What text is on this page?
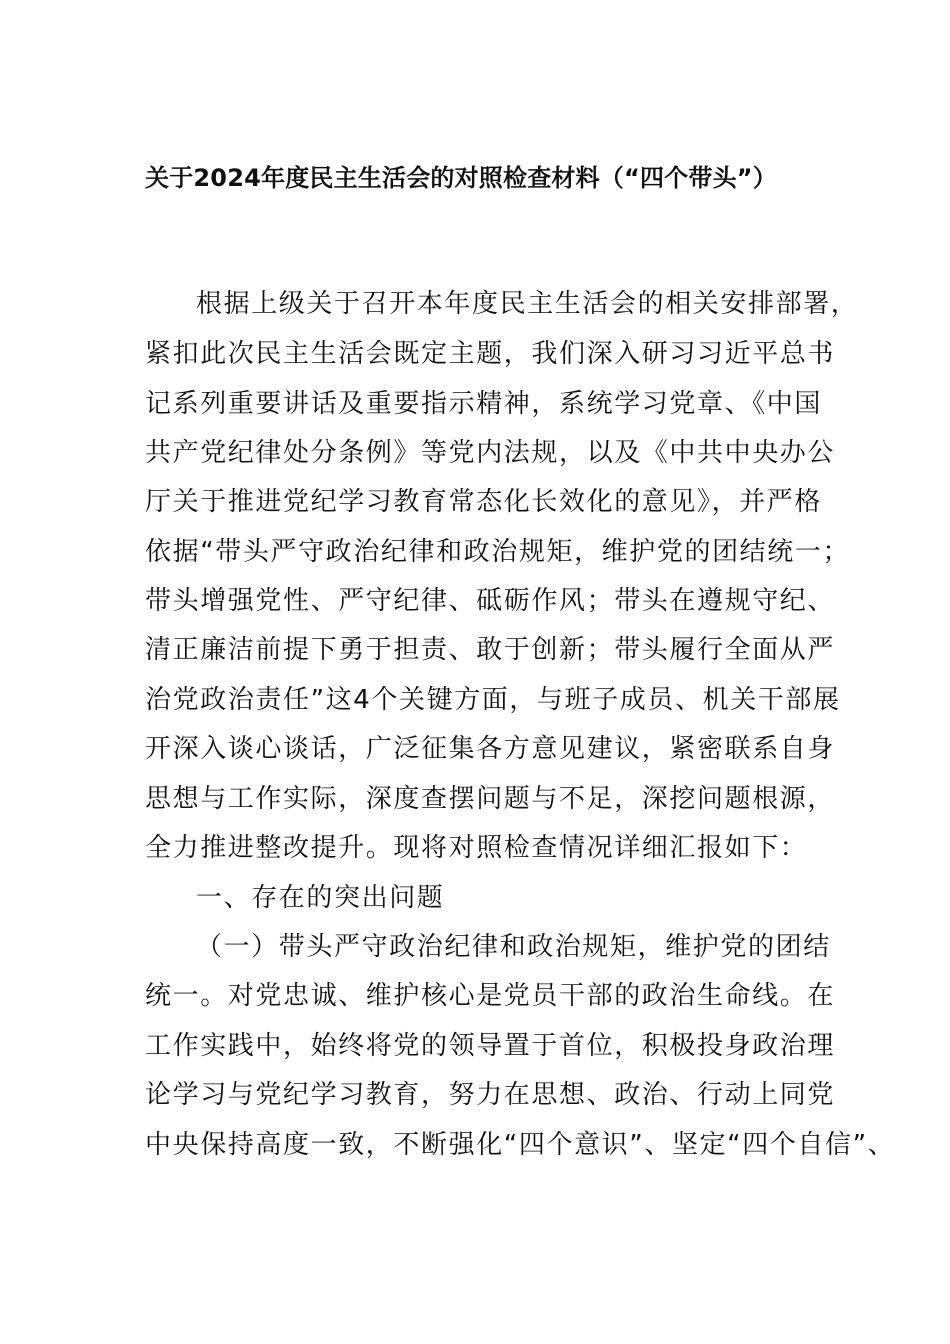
关于2024年度民主生活会的对照检查材料（“四个带头”）
根据上级关于召开本年度民主生活会的相关安排部署，
紧扣此次民主生活会既定主题，我们深入研习习近平总书
记系列重要讲话及重要指示精神，系统学习党章、《中国
共产党纪律处分条例》等党内法规，以及《中共中央办公
厅关于推进党纪学习教育常态化长效化的意见》，并严格
依据“带头严守政治纪律和政治规矩，维护党的团结统一；
带头增强党性、严守纪律、砥砺作风；带头在遵规守纪、
清正廉洁前提下勇于担责、敢于创新；带头履行全面从严
治党政治责任”这4个关键方面，与班子成员、机关干部展
开深入谈心谈话，广泛征集各方意见建议，紧密联系自身
思想与工作实际，深度查摆问题与不足，深挖问题根源，
全力推进整改提升。现将对照检查情况详细汇报如下：
一、存在的突出问题
（一）带头严守政治纪律和政治规矩，维护党的团结
统一。对党忠诚、维护核心是党员干部的政治生命线。在
工作实践中，始终将党的领导置于首位，积极投身政治理
论学习与党纪学习教育，努力在思想、政治、行动上同党
中央保持高度一致，不断强化“四个意识”、坚定“四个自信”、
